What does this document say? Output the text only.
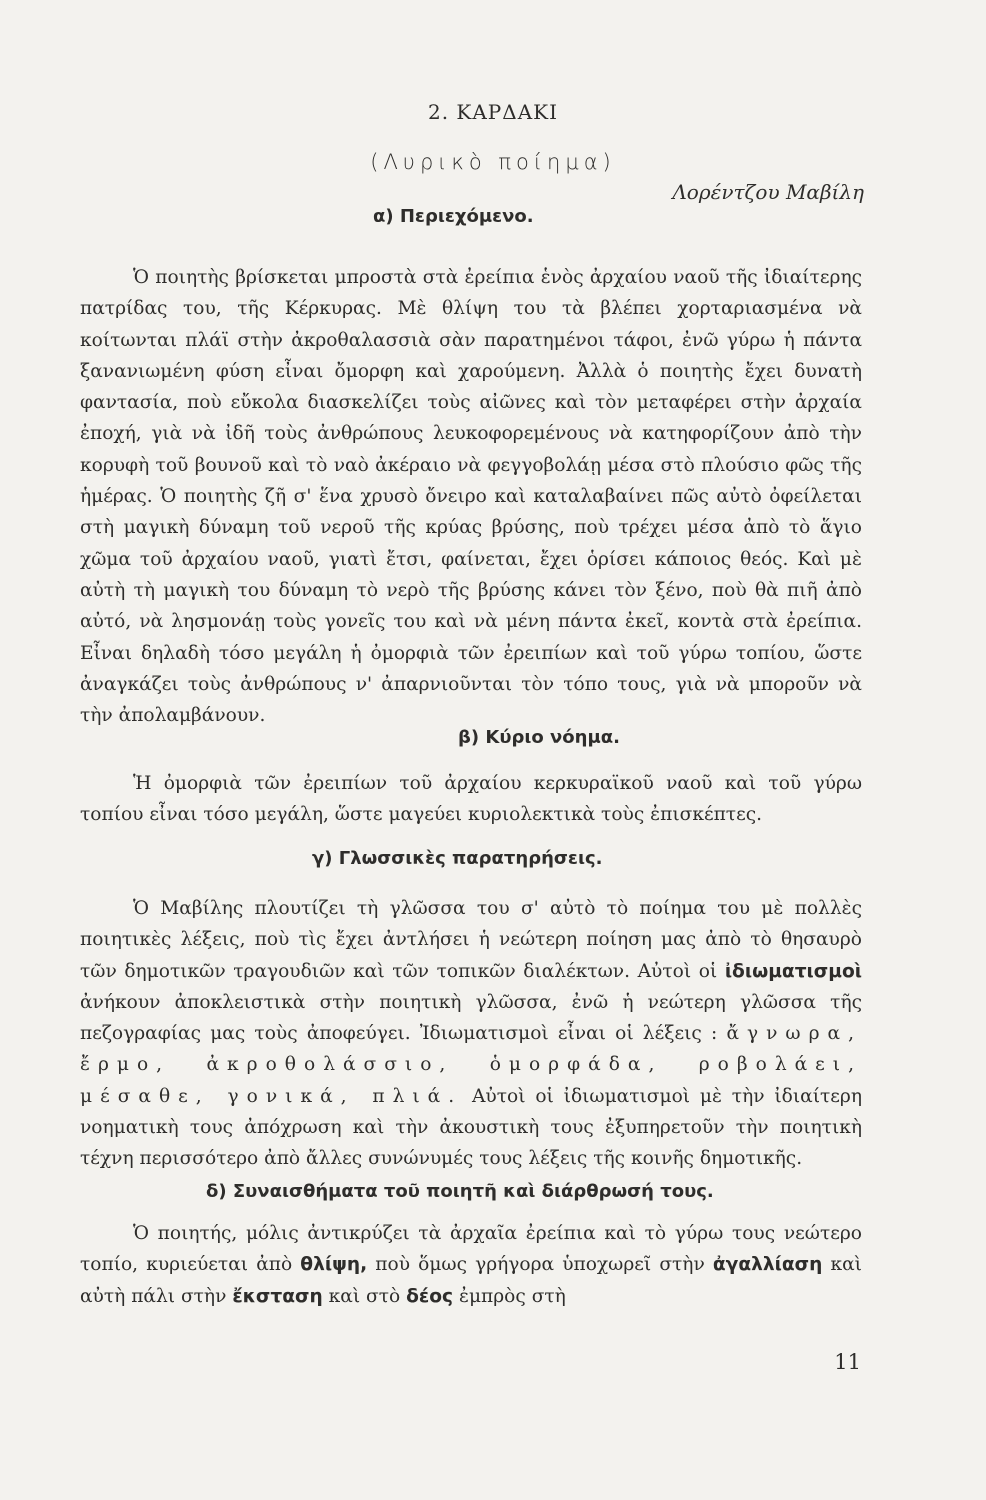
2. ΚΑΡΔΑΚΙ
(Λυρικὸ ποίημα)
Λορέντζου Μαβίλη
α) Περιεχόμενο.
Ὁ ποιητὴς βρίσκεται μπροστὰ στὰ ἐρείπια ἑνὸς ἀρχαίου ναοῦ τῆς ἰδιαίτερης πατρίδας του, τῆς Κέρκυρας. Μὲ θλίψη του τὰ βλέπει χορταριασμένα νὰ κοίτωνται πλάϊ στὴν ἀκροθαλασσιὰ σὰν παρατημένοι τάφοι, ἐνῶ γύρω ἡ πάντα ξανανιωμένη φύση εἶναι ὄμορφη καὶ χαρούμενη. Ἀλλὰ ὁ ποιητὴς ἔχει δυνατὴ φαντασία, ποὺ εὔκολα διασκελίζει τοὺς αἰῶνες καὶ τὸν μεταφέρει στὴν ἀρχαία ἐποχή, γιὰ νὰ ἰδῆ τοὺς ἀνθρώπους λευκοφορεμένους νὰ κατηφορίζουν ἀπὸ τὴν κορυφὴ τοῦ βουνοῦ καὶ τὸ ναὸ ἀκέραιο νὰ φεγγοβολάῃ μέσα στὸ πλούσιο φῶς τῆς ἡμέρας. Ὁ ποιητὴς ζῆ σ' ἕνα χρυσὸ ὄνειρο καὶ καταλαβαίνει πῶς αὐτὸ ὀφείλεται στὴ μαγικὴ δύναμη τοῦ νεροῦ τῆς κρύας βρύσης, ποὺ τρέχει μέσα ἀπὸ τὸ ἅγιο χῶμα τοῦ ἀρχαίου ναοῦ, γιατὶ ἔτσι, φαίνεται, ἔχει ὁρίσει κάποιος θεός. Καὶ μὲ αὐτὴ τὴ μαγικὴ του δύναμη τὸ νερὸ τῆς βρύσης κάνει τὸν ξένο, ποὺ θὰ πιῆ ἀπὸ αὐτό, νὰ λησμονάῃ τοὺς γονεῖς του καὶ νὰ μένη πάντα ἐκεῖ, κοντὰ στὰ ἐρείπια. Εἶναι δηλαδὴ τόσο μεγάλη ἡ ὀμορφιὰ τῶν ἐρειπίων καὶ τοῦ γύρω τοπίου, ὥστε ἀναγκάζει τοὺς ἀνθρώπους ν' ἀπαρνιοῦνται τὸν τόπο τους, γιὰ νὰ μποροῦν νὰ τὴν ἀπολαμβάνουν.
β) Κύριο νόημα.
Ἡ ὀμορφιὰ τῶν ἐρειπίων τοῦ ἀρχαίου κερκυραϊκοῦ ναοῦ καὶ τοῦ γύρω τοπίου εἶναι τόσο μεγάλη, ὥστε μαγεύει κυριολεκτικὰ τοὺς ἐπισκέπτες.
γ) Γλωσσικὲς παρατηρήσεις.
Ὁ Μαβίλης πλουτίζει τὴ γλῶσσα του σ' αὐτὸ τὸ ποίημα του μὲ πολλὲς ποιητικὲς λέξεις, ποὺ τὶς ἔχει ἀντλήσει ἡ νεώτερη ποίηση μας ἀπὸ τὸ θησαυρὸ τῶν δημοτικῶν τραγουδιῶν καὶ τῶν τοπικῶν διαλέκτων. Αὐτοὶ οἱ ἰδιωματισμοὶ ἀνήκουν ἀποκλειστικὰ στὴν ποιητικὴ γλῶσσα, ἐνῶ ἡ νεώτερη γλῶσσα τῆς πεζογραφίας μας τοὺς ἀποφεύγει. Ἰδιωματισμοὶ εἶναι οἱ λέξεις : ἄγνωρα, ἔρμο, ἀκροθολάσσιο, ὁμορφάδα, ροβολάει, μέσαθε, γονικά, πλιά. Αὐτοὶ οἱ ἰδιωματισμοὶ μὲ τὴν ἰδιαίτερη νοηματικὴ τους ἀπόχρωση καὶ τὴν ἀκουστικὴ τους ἐξυπηρετοῦν τὴν ποιητικὴ τέχνη περισσότερο ἀπὸ ἄλλες συνώνυμές τους λέξεις τῆς κοινῆς δημοτικῆς.
δ) Συναισθήματα τοῦ ποιητῆ καὶ διάρθρωσή τους.
Ὁ ποιητής, μόλις ἀντικρύζει τὰ ἀρχαῖα ἐρείπια καὶ τὸ γύρω τους νεώτερο τοπίο, κυριεύεται ἀπὸ θλίψη, ποὺ ὅμως γρήγορα ὑποχωρεῖ στὴν ἀγαλλίαση καὶ αὐτὴ πάλι στὴν ἔκσταση καὶ στὸ δέος ἐμπρὸς στὴ
11
